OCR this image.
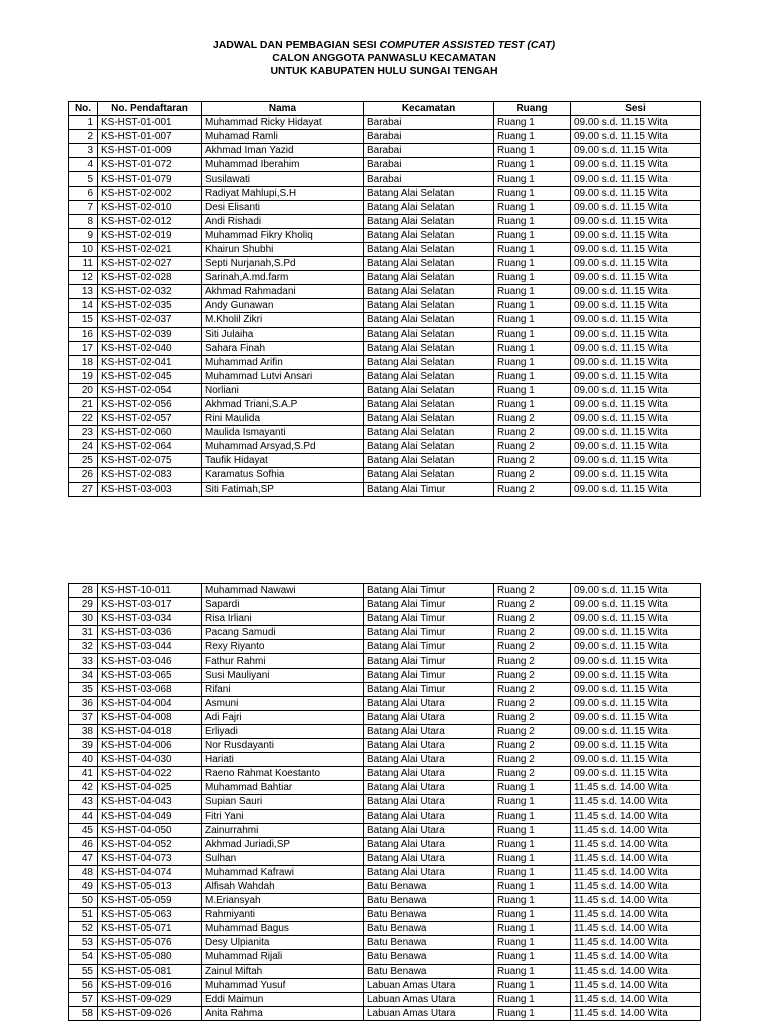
JADWAL DAN PEMBAGIAN SESI COMPUTER ASSISTED TEST (CAT)
CALON ANGGOTA PANWASLU KECAMATAN
UNTUK KABUPATEN HULU SUNGAI TENGAH
No.	No. Pendaftaran	Nama	Kecamatan	Ruang	Sesi
1	KS-HST-01-001	Muhammad Ricky Hidayat	Barabai	Ruang 1	09.00 s.d. 11.15 Wita
2	KS-HST-01-007	Muhamad Ramli	Barabai	Ruang 1	09.00 s.d. 11.15 Wita
3	KS-HST-01-009	Akhmad Iman Yazid	Barabai	Ruang 1	09.00 s.d. 11.15 Wita
4	KS-HST-01-072	Muhammad Iberahim	Barabai	Ruang 1	09.00 s.d. 11.15 Wita
5	KS-HST-01-079	Susilawati	Barabai	Ruang 1	09.00 s.d. 11.15 Wita
6	KS-HST-02-002	Radiyat Mahlupi,S.H	Batang Alai Selatan	Ruang 1	09.00 s.d. 11.15 Wita
7	KS-HST-02-010	Desi Elisanti	Batang Alai Selatan	Ruang 1	09.00 s.d. 11.15 Wita
8	KS-HST-02-012	Andi Rishadi	Batang Alai Selatan	Ruang 1	09.00 s.d. 11.15 Wita
9	KS-HST-02-019	Muhammad Fikry Kholiq	Batang Alai Selatan	Ruang 1	09.00 s.d. 11.15 Wita
10	KS-HST-02-021	Khairun Shubhi	Batang Alai Selatan	Ruang 1	09.00 s.d. 11.15 Wita
11	KS-HST-02-027	Septi Nurjanah,S.Pd	Batang Alai Selatan	Ruang 1	09.00 s.d. 11.15 Wita
12	KS-HST-02-028	Sarinah,A.md.farm	Batang Alai Selatan	Ruang 1	09.00 s.d. 11.15 Wita
13	KS-HST-02-032	Akhmad Rahmadani	Batang Alai Selatan	Ruang 1	09.00 s.d. 11.15 Wita
14	KS-HST-02-035	Andy Gunawan	Batang Alai Selatan	Ruang 1	09.00 s.d. 11.15 Wita
15	KS-HST-02-037	M.Kholil Zikri	Batang Alai Selatan	Ruang 1	09.00 s.d. 11.15 Wita
16	KS-HST-02-039	Siti Julaiha	Batang Alai Selatan	Ruang 1	09.00 s.d. 11.15 Wita
17	KS-HST-02-040	Sahara Finah	Batang Alai Selatan	Ruang 1	09.00 s.d. 11.15 Wita
18	KS-HST-02-041	Muhammad Arifin	Batang Alai Selatan	Ruang 1	09.00 s.d. 11.15 Wita
19	KS-HST-02-045	Muhammad Lutvi Ansari	Batang Alai Selatan	Ruang 1	09.00 s.d. 11.15 Wita
20	KS-HST-02-054	Norliani	Batang Alai Selatan	Ruang 1	09.00 s.d. 11.15 Wita
21	KS-HST-02-056	Akhmad Triani,S.A.P	Batang Alai Selatan	Ruang 1	09.00 s.d. 11.15 Wita
22	KS-HST-02-057	Rini Maulida	Batang Alai Selatan	Ruang 2	09.00 s.d. 11.15 Wita
23	KS-HST-02-060	Maulida Ismayanti	Batang Alai Selatan	Ruang 2	09.00 s.d. 11.15 Wita
24	KS-HST-02-064	Muhammad Arsyad,S.Pd	Batang Alai Selatan	Ruang 2	09.00 s.d. 11.15 Wita
25	KS-HST-02-075	Taufik Hidayat	Batang Alai Selatan	Ruang 2	09.00 s.d. 11.15 Wita
26	KS-HST-02-083	Karamatus Sofhia	Batang Alai Selatan	Ruang 2	09.00 s.d. 11.15 Wita
27	KS-HST-03-003	Siti Fatimah,SP	Batang Alai Timur	Ruang 2	09.00 s.d. 11.15 Wita
28	KS-HST-10-011	Muhammad Nawawi	Batang Alai Timur	Ruang 2	09.00 s.d. 11.15 Wita
29	KS-HST-03-017	Sapardi	Batang Alai Timur	Ruang 2	09.00 s.d. 11.15 Wita
30	KS-HST-03-034	Risa Irliani	Batang Alai Timur	Ruang 2	09.00 s.d. 11.15 Wita
31	KS-HST-03-036	Pacang Samudi	Batang Alai Timur	Ruang 2	09.00 s.d. 11.15 Wita
32	KS-HST-03-044	Rexy Riyanto	Batang Alai Timur	Ruang 2	09.00 s.d. 11.15 Wita
33	KS-HST-03-046	Fathur Rahmi	Batang Alai Timur	Ruang 2	09.00 s.d. 11.15 Wita
34	KS-HST-03-065	Susi Mauliyani	Batang Alai Timur	Ruang 2	09.00 s.d. 11.15 Wita
35	KS-HST-03-068	Rifani	Batang Alai Timur	Ruang 2	09.00 s.d. 11.15 Wita
36	KS-HST-04-004	Asmuni	Batang Alai Utara	Ruang 2	09.00 s.d. 11.15 Wita
37	KS-HST-04-008	Adi Fajri	Batang Alai Utara	Ruang 2	09.00 s.d. 11.15 Wita
38	KS-HST-04-018	Erliyadi	Batang Alai Utara	Ruang 2	09.00 s.d. 11.15 Wita
39	KS-HST-04-006	Nor Rusdayanti	Batang Alai Utara	Ruang 2	09.00 s.d. 11.15 Wita
40	KS-HST-04-030	Hariati	Batang Alai Utara	Ruang 2	09.00 s.d. 11.15 Wita
41	KS-HST-04-022	Raeno Rahmat Koestanto	Batang Alai Utara	Ruang 2	09.00 s.d. 11.15 Wita
42	KS-HST-04-025	Muhammad Bahtiar	Batang Alai Utara	Ruang 1	11.45 s.d. 14.00 Wita
43	KS-HST-04-043	Supian Sauri	Batang Alai Utara	Ruang 1	11.45 s.d. 14.00 Wita
44	KS-HST-04-049	Fitri Yani	Batang Alai Utara	Ruang 1	11.45 s.d. 14.00 Wita
45	KS-HST-04-050	Zainurrahmi	Batang Alai Utara	Ruang 1	11.45 s.d. 14.00 Wita
46	KS-HST-04-052	Akhmad Juriadi,SP	Batang Alai Utara	Ruang 1	11.45 s.d. 14.00 Wita
47	KS-HST-04-073	Sulhan	Batang Alai Utara	Ruang 1	11.45 s.d. 14.00 Wita
48	KS-HST-04-074	Muhammad Kafrawi	Batang Alai Utara	Ruang 1	11.45 s.d. 14.00 Wita
49	KS-HST-05-013	Alfisah Wahdah	Batu Benawa	Ruang 1	11.45 s.d. 14.00 Wita
50	KS-HST-05-059	M.Eriansyah	Batu Benawa	Ruang 1	11.45 s.d. 14.00 Wita
51	KS-HST-05-063	Rahmiyanti	Batu Benawa	Ruang 1	11.45 s.d. 14.00 Wita
52	KS-HST-05-071	Muhammad Bagus	Batu Benawa	Ruang 1	11.45 s.d. 14.00 Wita
53	KS-HST-05-076	Desy Ulpianita	Batu Benawa	Ruang 1	11.45 s.d. 14.00 Wita
54	KS-HST-05-080	Muhammad Rijali	Batu Benawa	Ruang 1	11.45 s.d. 14.00 Wita
55	KS-HST-05-081	Zainul Miftah	Batu Benawa	Ruang 1	11.45 s.d. 14.00 Wita
56	KS-HST-09-016	Muhammad Yusuf	Labuan Amas Utara	Ruang 1	11.45 s.d. 14.00 Wita
57	KS-HST-09-029	Eddi Maimun	Labuan Amas Utara	Ruang 1	11.45 s.d. 14.00 Wita
58	KS-HST-09-026	Anita Rahma	Labuan Amas Utara	Ruang 1	11.45 s.d. 14.00 Wita
